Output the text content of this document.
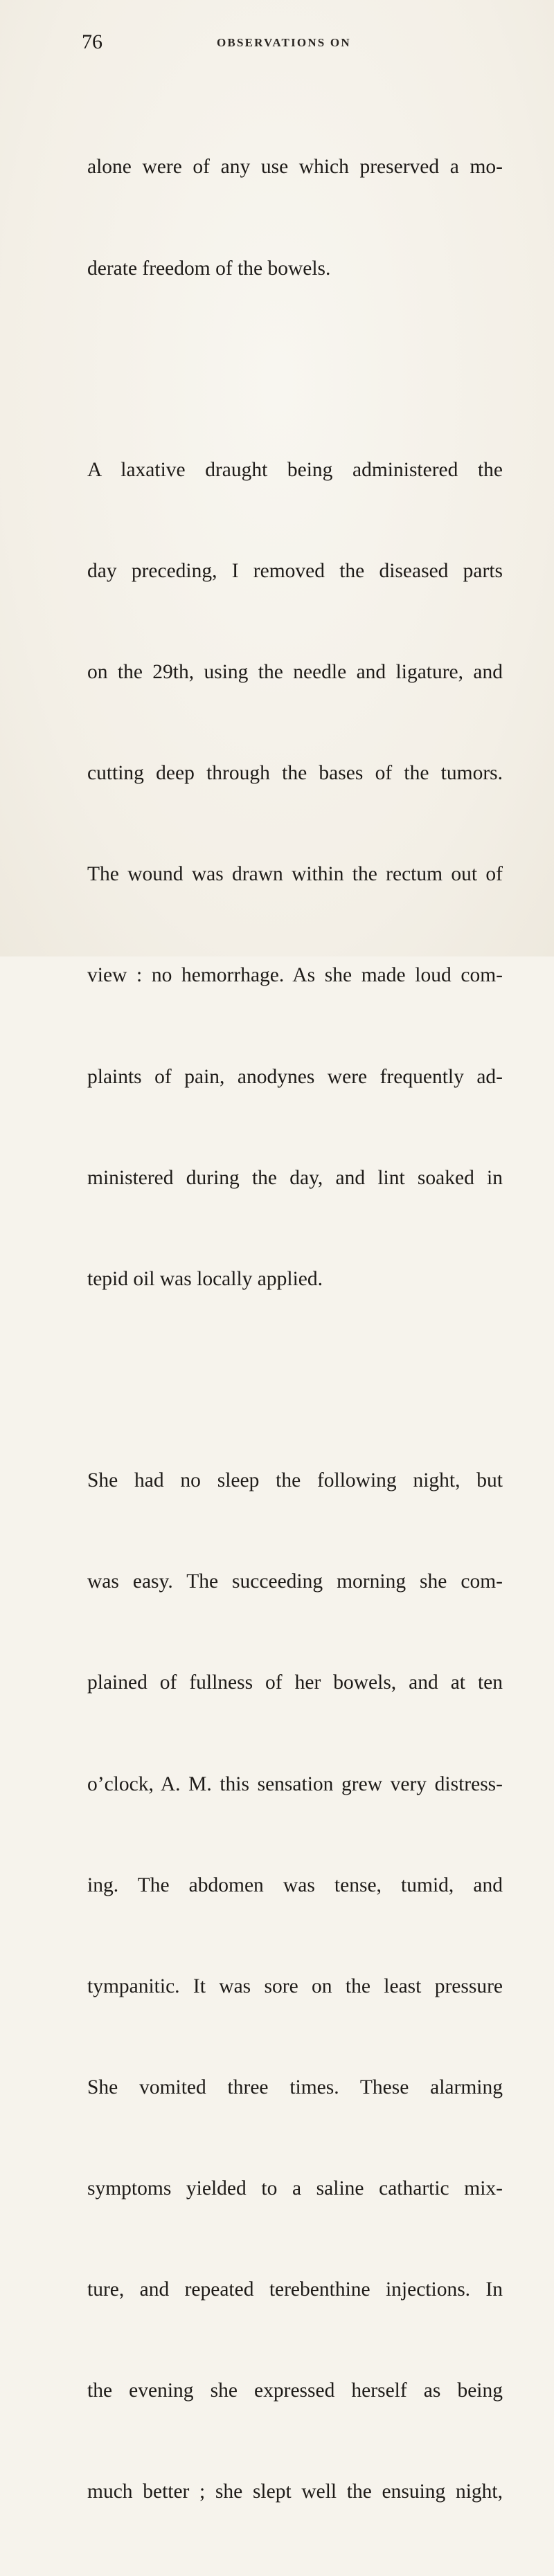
76	OBSERVATIONS ON

alone were of any use which preserved a mo-

derate freedom of the bowels.

A laxative draught being administered the

day preceding, I removed the diseased parts

on the 29th, using the needle and ligature, and

cutting deep through the bases of the tumors.

The wound was drawn within the rectum out of

view : no hemorrhage. As she made loud com-

plaints of pain, anodynes were frequently ad-

ministered during the day, and lint soaked in

tepid oil was locally applied.

She had no sleep the following night, but

was easy. The succeeding morning she com-

plained of fullness of her bowels, and at ten

o’clock, A. M. this sensation grew very distress-

ing. The abdomen was tense, tumid, and

tympanitic. It was sore on the least pressure

She vomited three times. These alarming

symptoms yielded to a saline cathartic mix-

ture, and repeated terebenthine injections. In

the evening she expressed herself as being

much better ; she slept well the ensuing night,
